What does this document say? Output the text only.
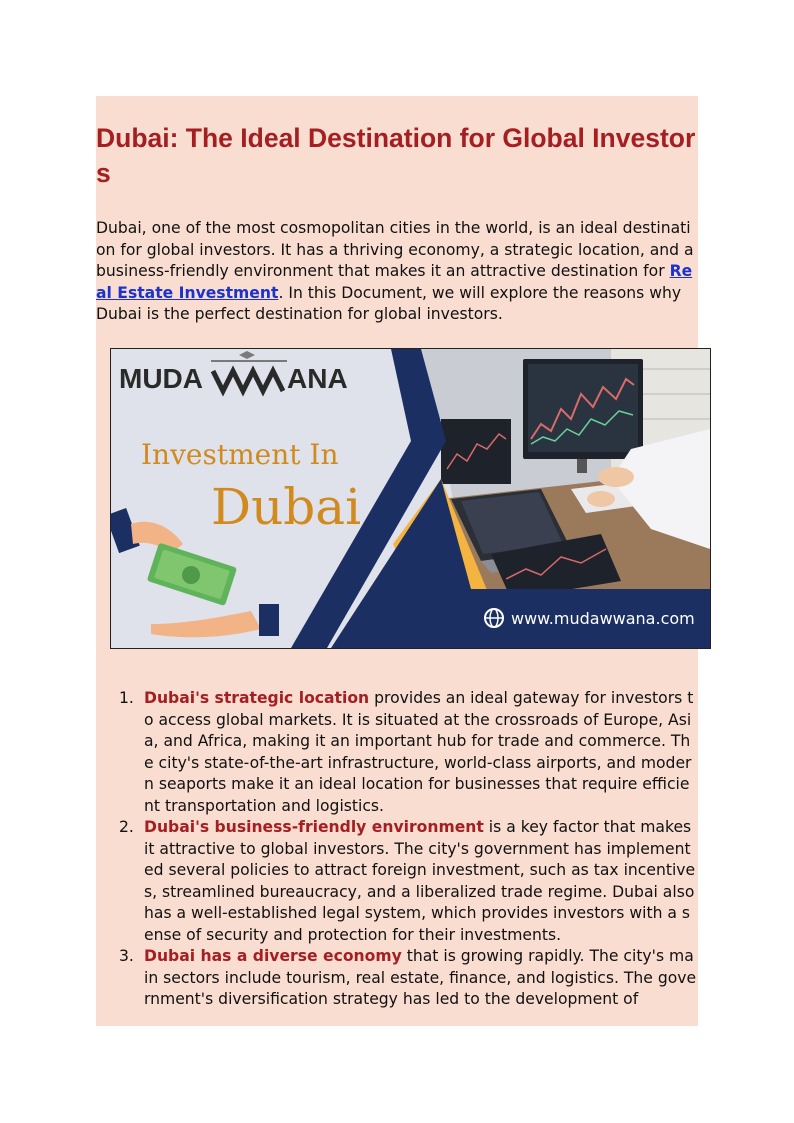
Dubai: The Ideal Destination for Global Investors

Dubai, one of the most cosmopolitan cities in the world, is an ideal destination for global investors. It has a thriving economy, a strategic location, and a business-friendly environment that makes it an attractive destination for Real Estate Investment. In this Document, we will explore the reasons why Dubai is the perfect destination for global investors.

MUDA	ANA
Investment In
Dubai
www.mudawwana.com
1. Dubai's strategic location provides an ideal gateway for investors to access global markets. It is situated at the crossroads of Europe, Asia, and Africa, making it an important hub for trade and commerce. The city's state-of-the-art infrastructure, world-class airports, and modern seaports make it an ideal location for businesses that require efficient transportation and logistics.
2. Dubai's business-friendly environment is a key factor that makes it attractive to global investors. The city's government has implemented several policies to attract foreign investment, such as tax incentives, streamlined bureaucracy, and a liberalized trade regime. Dubai also has a well-established legal system, which provides investors with a sense of security and protection for their investments.
3. Dubai has a diverse economy that is growing rapidly. The city's main sectors include tourism, real estate, finance, and logistics. The government's diversification strategy has led to the development of
